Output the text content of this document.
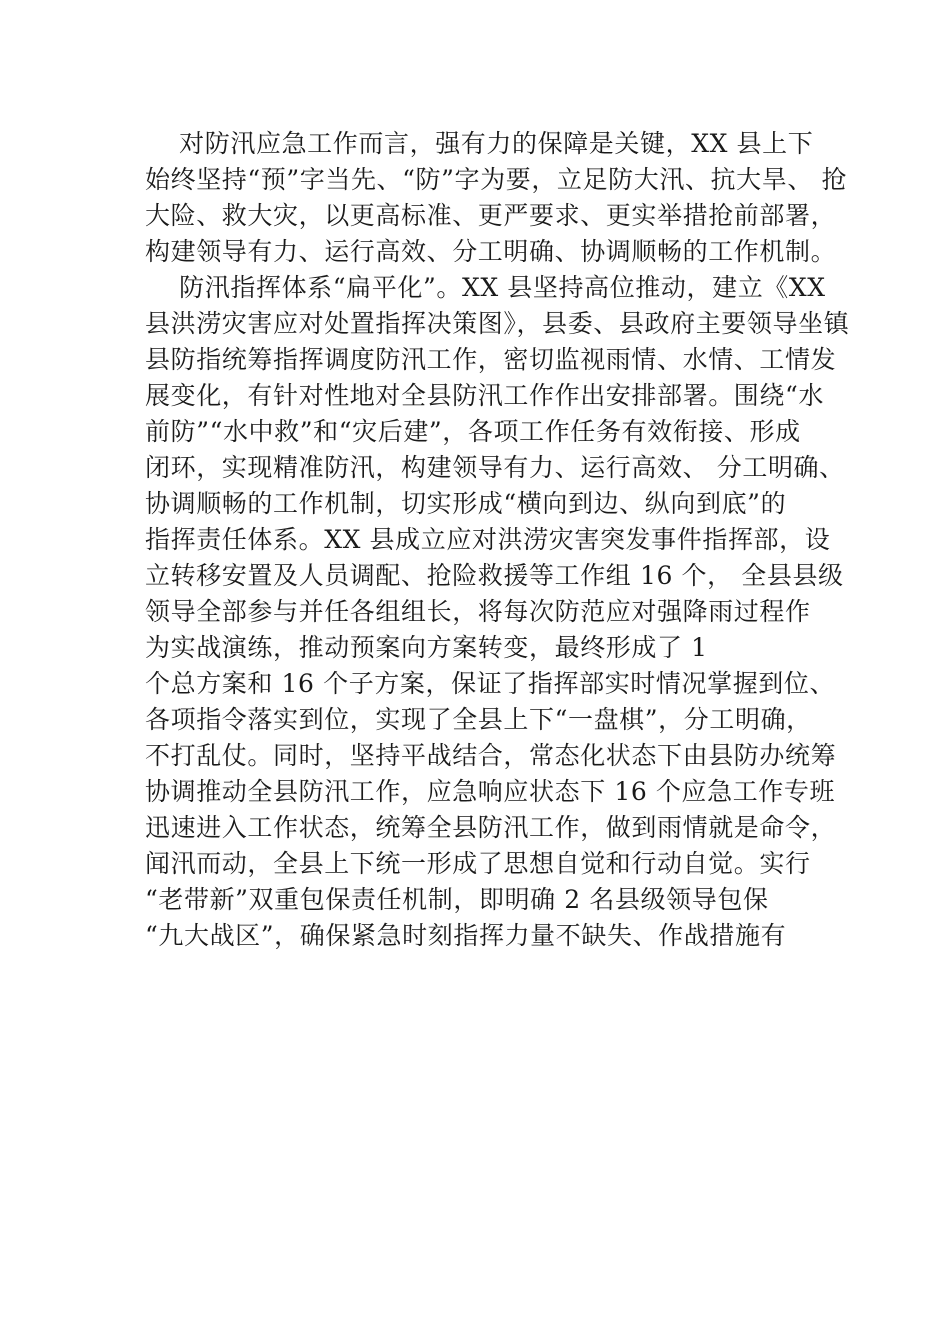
对防汛应急工作而言，强有力的保障是关键，XX 县上下
始终坚持“预”字当先、“防”字为要，立足防大汛、抗大旱、 抢
大险、救大灾，以更高标准、更严要求、更实举措抢前部署，
构建领导有力、运行高效、分工明确、协调顺畅的工作机制。
防汛指挥体系“扁平化”。XX 县坚持高位推动，建立《XX
县洪涝灾害应对处置指挥决策图》，县委、县政府主要领导坐镇
县防指统筹指挥调度防汛工作，密切监视雨情、水情、工情发
展变化，有针对性地对全县防汛工作作出安排部署。围绕“水
前防”“水中救”和“灾后建”，各项工作任务有效衔接、形成
闭环，实现精准防汛，构建领导有力、运行高效、 分工明确、
协调顺畅的工作机制，切实形成“横向到边、纵向到底”的
指挥责任体系。XX 县成立应对洪涝灾害突发事件指挥部，设
立转移安置及人员调配、抢险救援等工作组 16 个， 全县县级
领导全部参与并任各组组长，将每次防范应对强降雨过程作
为实战演练，推动预案向方案转变，最终形成了 1
个总方案和 16 个子方案，保证了指挥部实时情况掌握到位、
各项指令落实到位，实现了全县上下“一盘棋”，分工明确，
不打乱仗。同时，坚持平战结合，常态化状态下由县防办统筹
协调推动全县防汛工作，应急响应状态下 16 个应急工作专班
迅速进入工作状态，统筹全县防汛工作，做到雨情就是命令，
闻汛而动，全县上下统一形成了思想自觉和行动自觉。实行
“老带新”双重包保责任机制，即明确 2 名县级领导包保
“九大战区”，确保紧急时刻指挥力量不缺失、作战措施有
